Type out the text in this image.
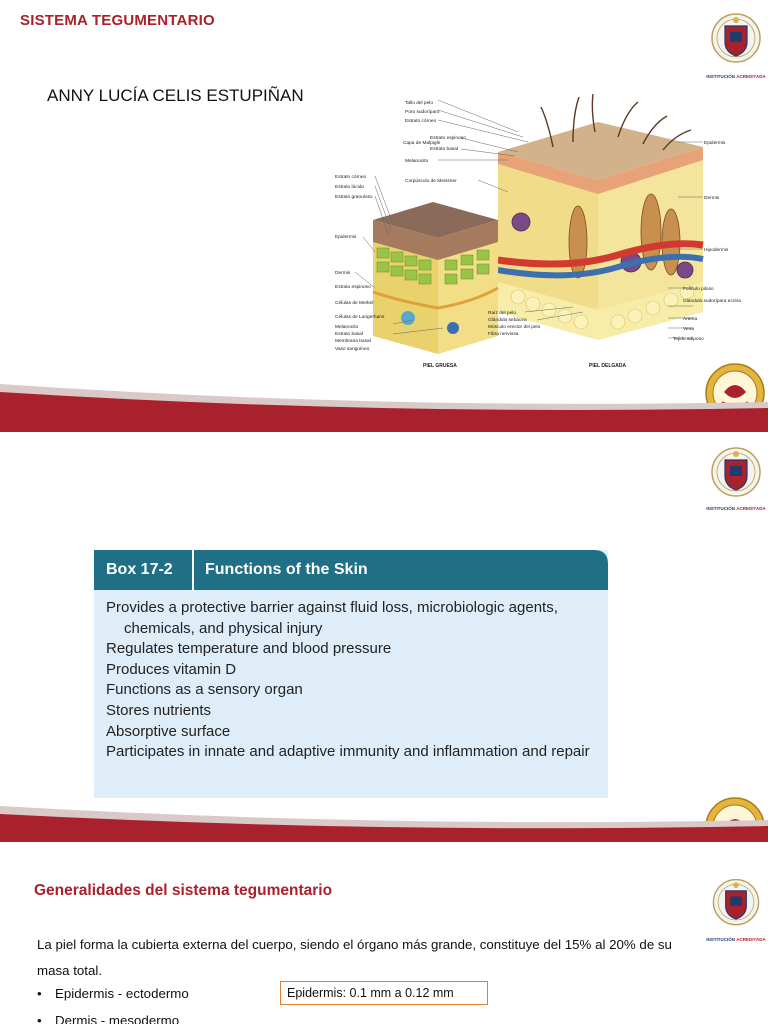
SISTEMA TEGUMENTARIO
ANNY LUCÍA CELIS ESTUPIÑAN
INSTITUCIÓN ACREDITADA
Tallo del pelo
Poro sudoríparo
Estrato córneo
Estrato espinoso
Capa de Malpighi
Estrato basal
Melanocito
Corpúsculo de Meissner
Estrato córneo
Estrato lúcido
Estrato granuloso
Epidermis
Dermis
Estrato espinoso
Células de Merkel
Células de Langerhans
Melanocito
Estrato basal
Membrana basal
Vaso sanguíneo
Raíz del pelo
Glándula sebácea
Músculo erector del pelo
Fibra nerviosa
Epidermis
Dermis
Hipodermis
Folículo piloso
Glándula sudorípara ecrina
Arteria
Vena
Tejido adiposo
PIEL GRUESA	PIEL DELGADA
INSTITUCIÓN ACREDITADA
Box 17-2 Functions of the Skin
Provides a protective barrier against fluid loss, microbiologic agents, chemicals, and physical injury
Regulates temperature and blood pressure
Produces vitamin D
Functions as a sensory organ
Stores nutrients
Absorptive surface
Participates in innate and adaptive immunity and inflammation and repair
Generalidades del sistema tegumentario
INSTITUCIÓN ACREDITADA

La piel forma la cubierta externa del cuerpo, siendo el órgano más grande, constituye del 15% al 20% de su masa total.

• Epidermis - ectodermo
• Dermis - mesodermo
Epidermis: 0.1 mm a 0.12 mm
